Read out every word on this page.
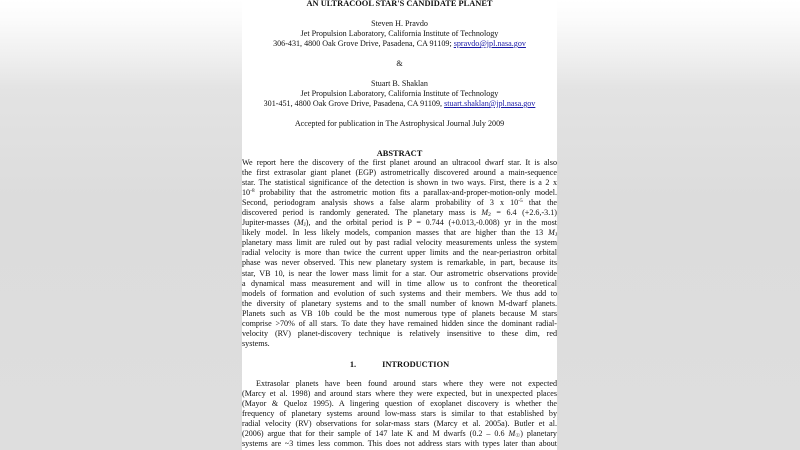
AN ULTRACOOL STAR'S CANDIDATE PLANET
Steven H. Pravdo
Jet Propulsion Laboratory, California Institute of Technology
306-431, 4800 Oak Grove Drive, Pasadena, CA 91109; spravdo@jpl.nasa.gov
&
Stuart B. Shaklan
Jet Propulsion Laboratory, California Institute of Technology
301-451, 4800 Oak Grove Drive, Pasadena, CA 91109, stuart.shaklan@jpl.nasa.gov
Accepted for publication in The Astrophysical Journal July 2009
ABSTRACT
We report here the discovery of the first planet around an ultracool dwarf star. It is also
the first extrasolar giant planet (EGP) astrometrically discovered around a main-sequence
star. The statistical significance of the detection is shown in two ways. First, there is a 2 x
$10^{-8}$ probability that the astrometric motion fits a parallax-and-proper-motion-only model.
Second, periodogram analysis shows a false alarm probability of 3 x $10^{-5}$ that the
discovered period is randomly generated. The planetary mass is $M_2 = 6.4$ (+2.6,-3.1)
Jupiter-masses $(M_J)$, and the orbital period is P = 0.744 (+0.013,-0.008) yr in the most
likely model. In less likely models, companion masses that are higher than the 13 $M_J$
planetary mass limit are ruled out by past radial velocity measurements unless the system
radial velocity is more than twice the current upper limits and the near-periastron orbital
phase was never observed. This new planetary system is remarkable, in part, because its
star, VB 10, is near the lower mass limit for a star. Our astrometric observations provide
a dynamical mass measurement and will in time allow us to confront the theoretical
models of formation and evolution of such systems and their members. We thus add to
the diversity of planetary systems and to the small number of known M-dwarf planets.
Planets such as VB 10b could be the most numerous type of planets because M stars
comprise >70% of all stars. To date they have remained hidden since the dominant radial-
velocity (RV) planet-discovery technique is relatively insensitive to these dim, red
systems.
1.	INTRODUCTION
Extrasolar planets have been found around stars where they were not expected
(Marcy et al. 1998) and around stars where they were expected, but in unexpected places
(Mayor & Queloz 1995). A lingering question of exoplanet discovery is whether the
frequency of planetary systems around low-mass stars is similar to that established by
radial velocity (RV) observations for solar-mass stars (Marcy et al. 2005a). Butler et al.
(2006) argue that for their sample of 147 late K and M dwarfs (0.2 – 0.6 $M_☉$) planetary
systems are ~3 times less common. This does not address stars with types later than about
